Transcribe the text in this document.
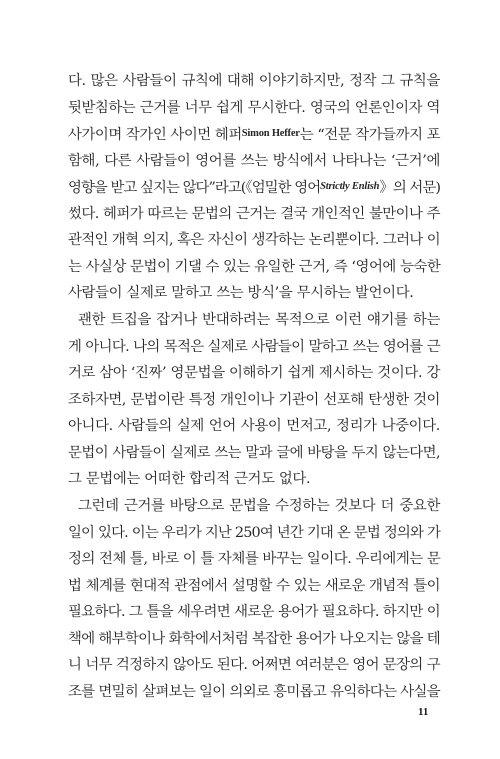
다. 많은 사람들이 규칙에 대해 이야기하지만, 정작 그 규칙을
뒷받침하는 근거를 너무 쉽게 무시한다. 영국의 언론인이자 역
사가이며 작가인 사이먼 헤퍼$^{Simon Heffer}$는 “전문 작가들까지 포
함해, 다른 사람들이 영어를 쓰는 방식에서 나타나는 ‘근거’에
영향을 받고 싶지는 않다”라고(《엄밀한 영어$^{Strictly Enlish}$》의 서문)
썼다. 헤퍼가 따르는 문법의 근거는 결국 개인적인 불만이나 주
관적인 개혁 의지, 혹은 자신이 생각하는 논리뿐이다. 그러나 이
는 사실상 문법이 기댈 수 있는 유일한 근거, 즉 ‘영어에 능숙한
사람들이 실제로 말하고 쓰는 방식’을 무시하는 발언이다.
괜한 트집을 잡거나 반대하려는 목적으로 이런 얘기를 하는
게 아니다. 나의 목적은 실제로 사람들이 말하고 쓰는 영어를 근
거로 삼아 ‘진짜’ 영문법을 이해하기 쉽게 제시하는 것이다. 강
조하자면, 문법이란 특정 개인이나 기관이 선포해 탄생한 것이
아니다. 사람들의 실제 언어 사용이 먼저고, 정리가 나중이다.
문법이 사람들이 실제로 쓰는 말과 글에 바탕을 두지 않는다면,
그 문법에는 어떠한 합리적 근거도 없다.
그런데 근거를 바탕으로 문법을 수정하는 것보다 더 중요한
일이 있다. 이는 우리가 지난 250여 년간 기대 온 문법 정의와 가
정의 전체 틀, 바로 이 틀 자체를 바꾸는 일이다. 우리에게는 문
법 체계를 현대적 관점에서 설명할 수 있는 새로운 개념적 틀이
필요하다. 그 틀을 세우려면 새로운 용어가 필요하다. 하지만 이
책에 해부학이나 화학에서처럼 복잡한 용어가 나오지는 않을 테
니 너무 걱정하지 않아도 된다. 어쩌면 여러분은 영어 문장의 구
조를 면밀히 살펴보는 일이 의외로 흥미롭고 유익하다는 사실을
11
